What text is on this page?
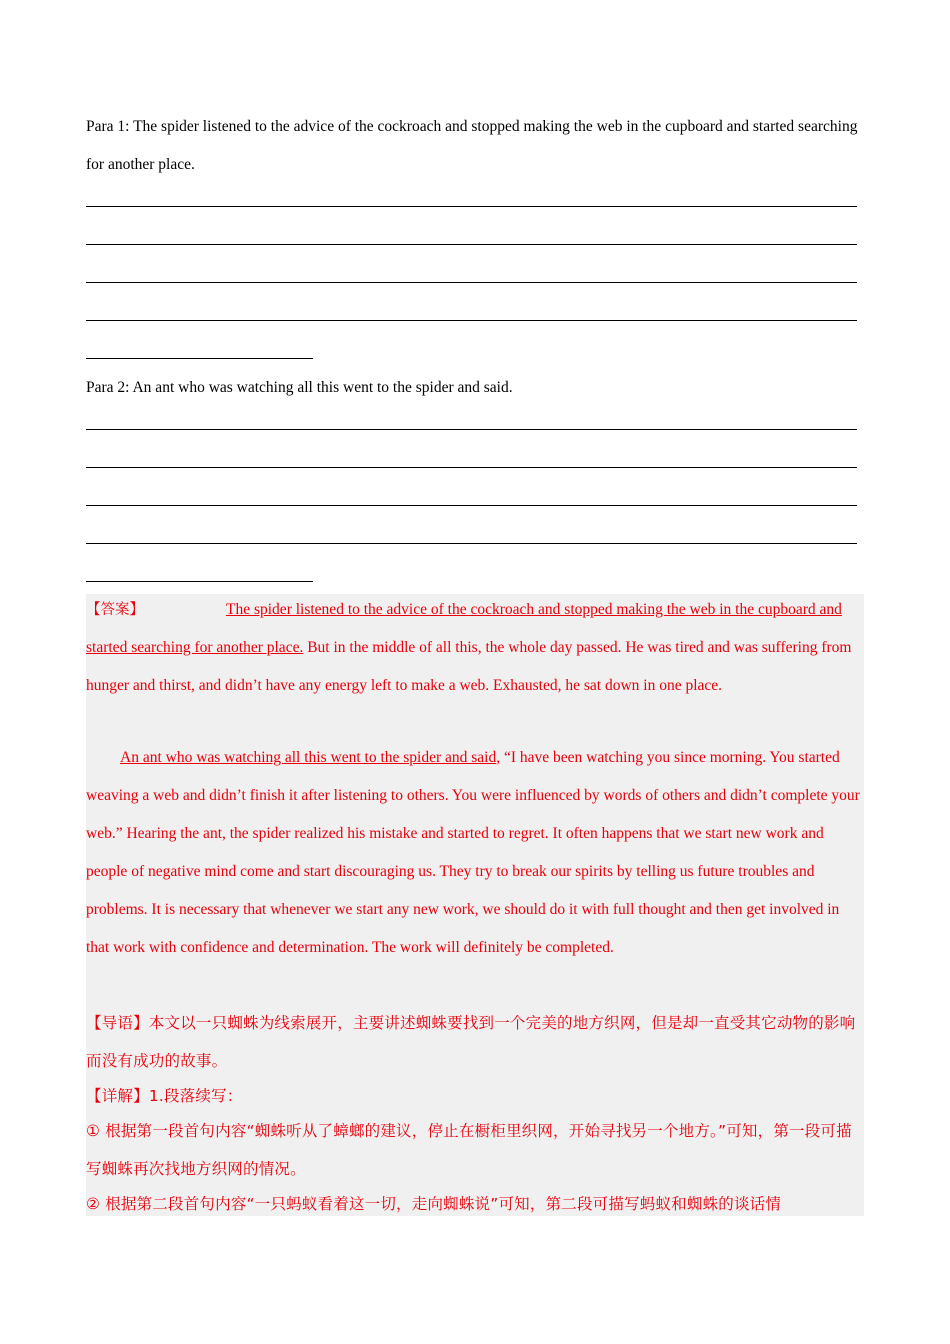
Para 1: The spider listened to the advice of the cockroach and stopped making the web in the cupboard and started searching for another place.

Para 2: An ant who was watching all this went to the spider and said.

【答案】	The spider listened to the advice of the cockroach and stopped making the web in the cupboard and started searching for another place. But in the middle of all this, the whole day passed. He was tired and was suffering from hunger and thirst, and didn’t have any energy left to make a web. Exhausted, he sat down in one place.

An ant who was watching all this went to the spider and said, “I have been watching you since morning. You started weaving a web and didn’t finish it after listening to others. You were influenced by words of others and didn’t complete your web.” Hearing the ant, the spider realized his mistake and started to regret. It often happens that we start new work and people of negative mind come and start discouraging us. They try to break our spirits by telling us future troubles and problems. It is necessary that whenever we start any new work, we should do it with full thought and then get involved in that work with confidence and determination. The work will definitely be completed.

【导语】本文以一只蜘蛛为线索展开，主要讲述蜘蛛要找到一个完美的地方织网，但是却一直受其它动物的影响而没有成功的故事。

【详解】1.段落续写：

① 根据第一段首句内容“蜘蛛听从了蟑螂的建议，停止在橱柜里织网，开始寻找另一个地方。”可知，第一段可描写蜘蛛再次找地方织网的情况。

② 根据第二段首句内容“一只蚂蚁看着这一切，走向蜘蛛说”可知，第二段可描写蚂蚁和蜘蛛的谈话情
